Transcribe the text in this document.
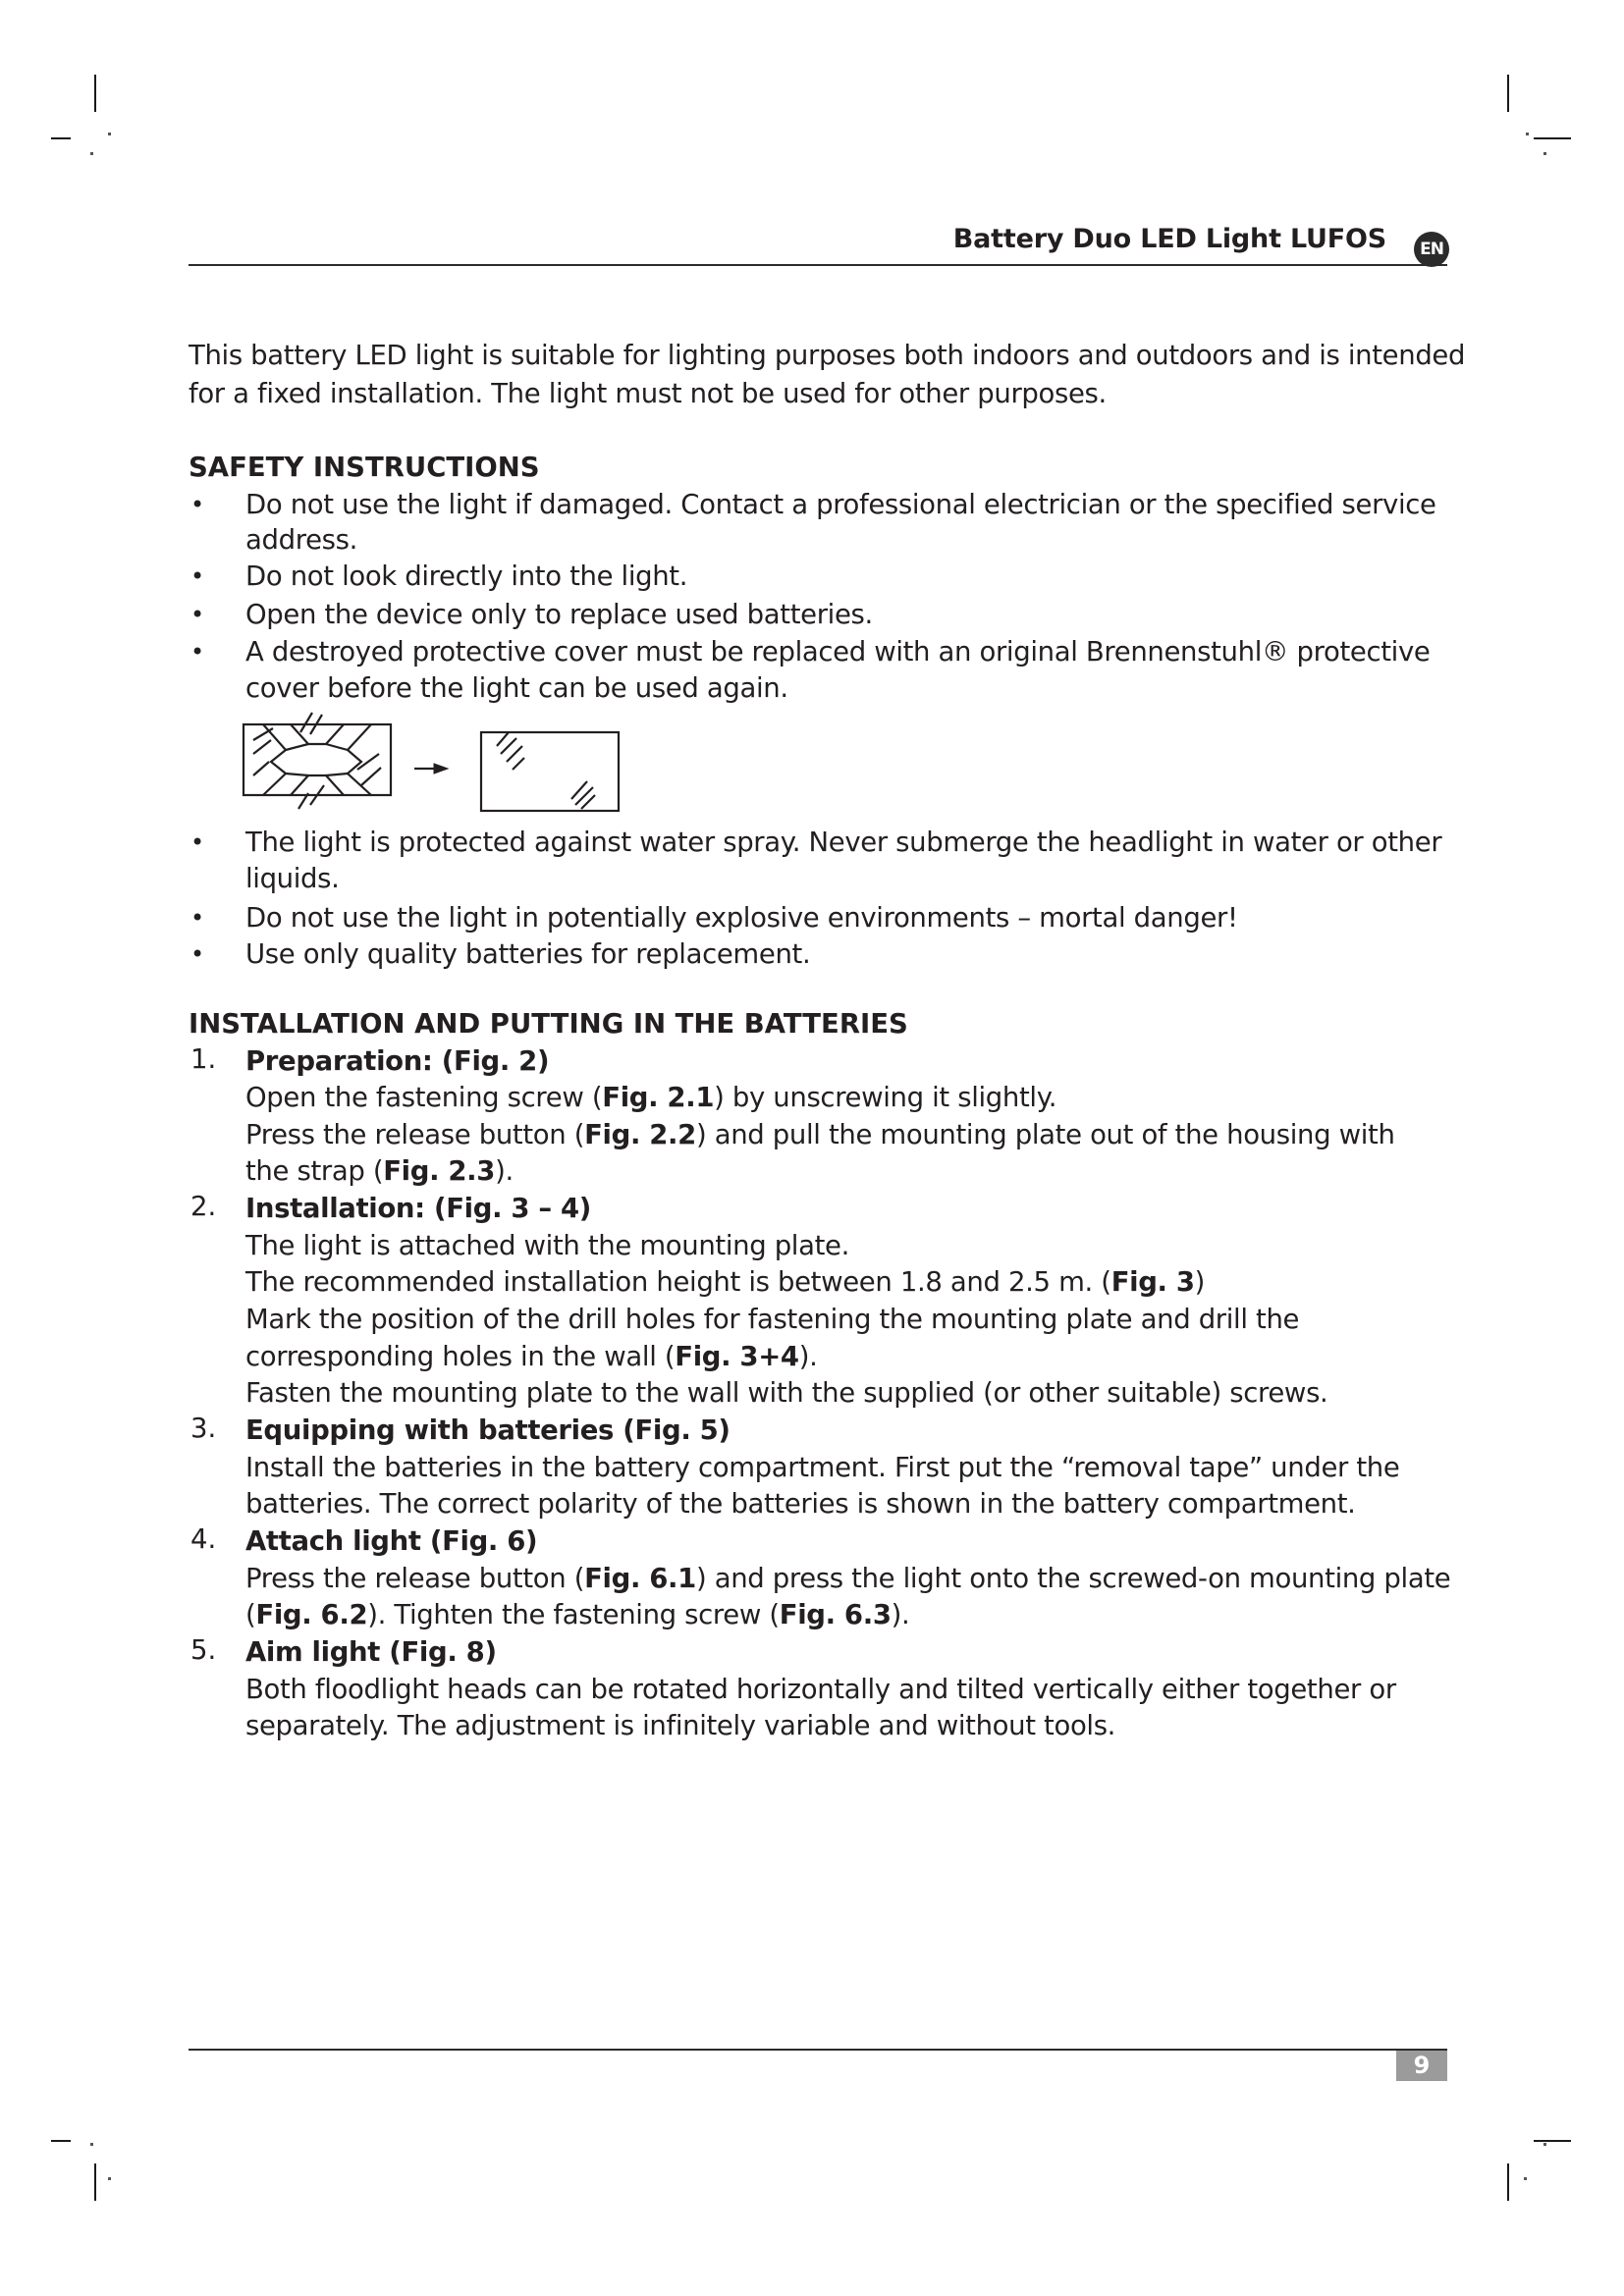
Battery Duo LED Light LUFOS	EN
This battery LED light is suitable for lighting purposes both indoors and outdoors and is intended
for a fixed installation. The light must not be used for other purposes.
SAFETY INSTRUCTIONS
• Do not use the light if damaged. Contact a professional electrician or the specified service
address.
• Do not look directly into the light.
• Open the device only to replace used batteries.
• A destroyed protective cover must be replaced with an original Brennenstuhl® protective
cover before the light can be used again.
• The light is protected against water spray. Never submerge the headlight in water or other
liquids.
• Do not use the light in potentially explosive environments – mortal danger!
• Use only quality batteries for replacement.
INSTALLATION AND PUTTING IN THE BATTERIES
1. Preparation: (Fig. 2)
Open the fastening screw (Fig. 2.1) by unscrewing it slightly.
Press the release button (Fig. 2.2) and pull the mounting plate out of the housing with
the strap (Fig. 2.3).
2. Installation: (Fig. 3 – 4)
The light is attached with the mounting plate.
The recommended installation height is between 1.8 and 2.5 m. (Fig. 3)
Mark the position of the drill holes for fastening the mounting plate and drill the
corresponding holes in the wall (Fig. 3+4).
Fasten the mounting plate to the wall with the supplied (or other suitable) screws.
3. Equipping with batteries (Fig. 5)
Install the batteries in the battery compartment. First put the “removal tape” under the
batteries. The correct polarity of the batteries is shown in the battery compartment.
4. Attach light (Fig. 6)
Press the release button (Fig. 6.1) and press the light onto the screwed-on mounting plate
(Fig. 6.2). Tighten the fastening screw (Fig. 6.3).
5. Aim light (Fig. 8)
Both floodlight heads can be rotated horizontally and tilted vertically either together or
separately. The adjustment is infinitely variable and without tools.
9
